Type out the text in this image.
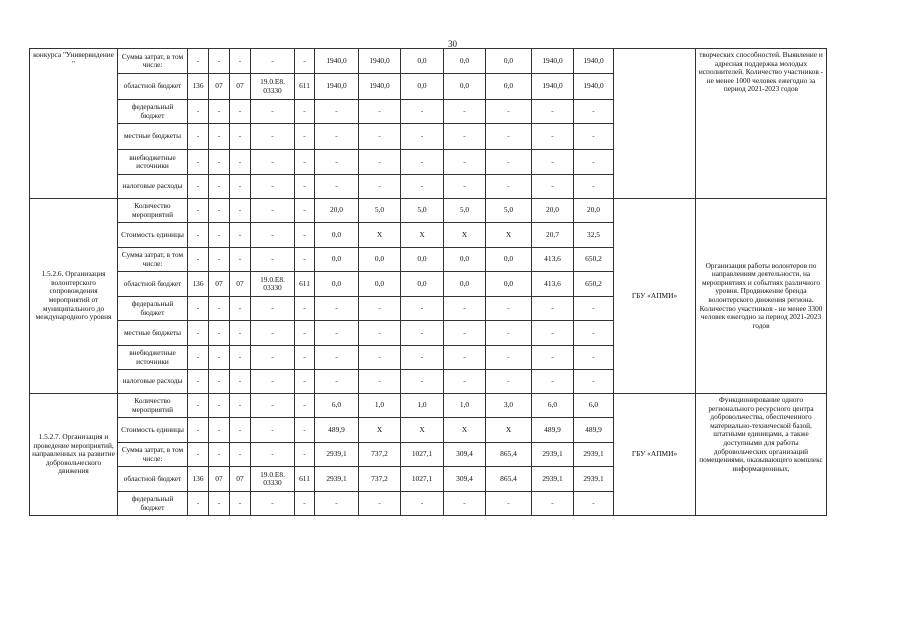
30
конкурса "Универвидение "	Сумма затрат, в том числе:	-	-	-	-	-	1940,0	1940,0	0,0	0,0	0,0	1940,0	1940,0		творческих способностей. Выявление и адресная поддержка молодых исполнителей. Количество участников - не менее 1000 человек ежегодно за период 2021-2023 годов
	областной бюджет	136	07	07	19.0.E8. 03330	611	1940,0	1940,0	0,0	0,0	0,0	1940,0	1940,0		
	федеральный бюджет	-	-	-	-	-	-	-	-	-	-	-	-		
	местные бюджеты	-	-	-	-	-	-	-	-	-	-	-	-		
	внебюджетные источники	-	-	-	-	-	-	-	-	-	-	-	-		
	налоговые расходы	-	-	-	-	-	-	-	-	-	-	-	-		
1.5.2.6. Организация волонтерского сопровождения мероприятий от муниципального до международного уровня	Количество мероприятий	-	-	-	-	-	20,0	5,0	5,0	5,0	5,0	20,0	20,0	ГБУ «АПМИ»	Организация работы волонтеров по направлениям деятельности, на мероприятиях и событиях различного уровня. Продвижение бренда волонтерского движения региона. Количество участников - не менее 3300 человек ежегодно за период 2021-2023 годов
	Стоимость единицы	-	-	-	-	-	0,0	X	X	X	X	20,7	32,5		
	Сумма затрат, в том числе:	-	-	-	-	-	0,0	0,0	0,0	0,0	0,0	413,6	650,2		
	областной бюджет	136	07	07	19.0.E8. 03330	611	0,0	0,0	0,0	0,0	0,0	413,6	650,2		
	федеральный бюджет	-	-	-	-	-	-	-	-	-	-	-	-		
	местные бюджеты	-	-	-	-	-	-	-	-	-	-	-	-		
	внебюджетные источники	-	-	-	-	-	-	-	-	-	-	-	-		
	налоговые расходы	-	-	-	-	-	-	-	-	-	-	-	-		
1.5.2.7. Организация и проведение мероприятий, направленных на развитие добровольческого движения	Количество мероприятий	-	-	-	-	-	6,0	1,0	1,0	1,0	3,0	6,0	6,0	ГБУ «АПМИ»	Функционирование одного регионального ресурсного центра добровольчества, обеспеченного материально-технической базой, штатными единицами, а также доступными для работы добровольческих организаций помещениями, оказывающего комплекс информационных,
	Стоимость единицы	-	-	-	-	-	489,9	X	X	X	X	489,9	489,9		
	Сумма затрат, в том числе:	-	-	-	-	-	2939,1	737,2	1027,1	309,4	865,4	2939,1	2939,1		
	областной бюджет	136	07	07	19.0.E8. 03330	611	2939,1	737,2	1027,1	309,4	865,4	2939,1	2939,1		
	федеральный бюджет	-	-	-	-	-	-	-	-	-	-	-	-		
